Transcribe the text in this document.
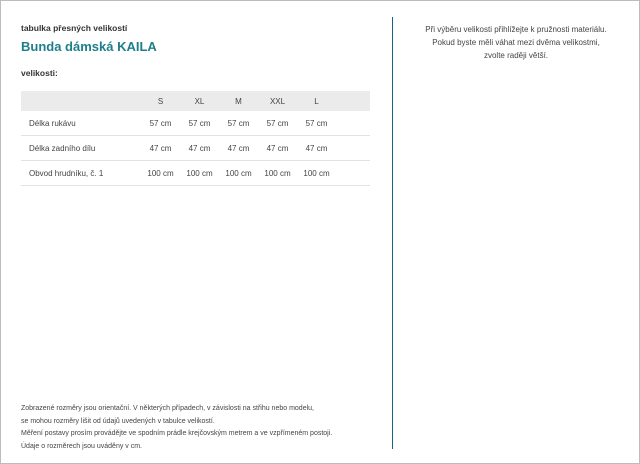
tabulka přesných velikostí
Bunda dámská KAILA
velikosti:
	S	XL	M	XXL	L	
Délka rukávu	57 cm	57 cm	57 cm	57 cm	57 cm	
Délka zadního dílu	47 cm	47 cm	47 cm	47 cm	47 cm	
Obvod hrudníku, č. 1	100 cm	100 cm	100 cm	100 cm	100 cm	
Zobrazené rozměry jsou orientační. V některých případech, v závislosti na střihu nebo modelu,
se mohou rozměry lišit od údajů uvedených v tabulce velikostí.
Měření postavy prosím provádějte ve spodním prádle krejčovským metrem a ve vzpřímeném postoji.
Údaje o rozměrech jsou uváděny v cm.
Při výběru velikosti přihlížejte k pružnosti materiálu.
Pokud byste měli váhat mezi dvěma velikostmi,
zvolte raději větší.
